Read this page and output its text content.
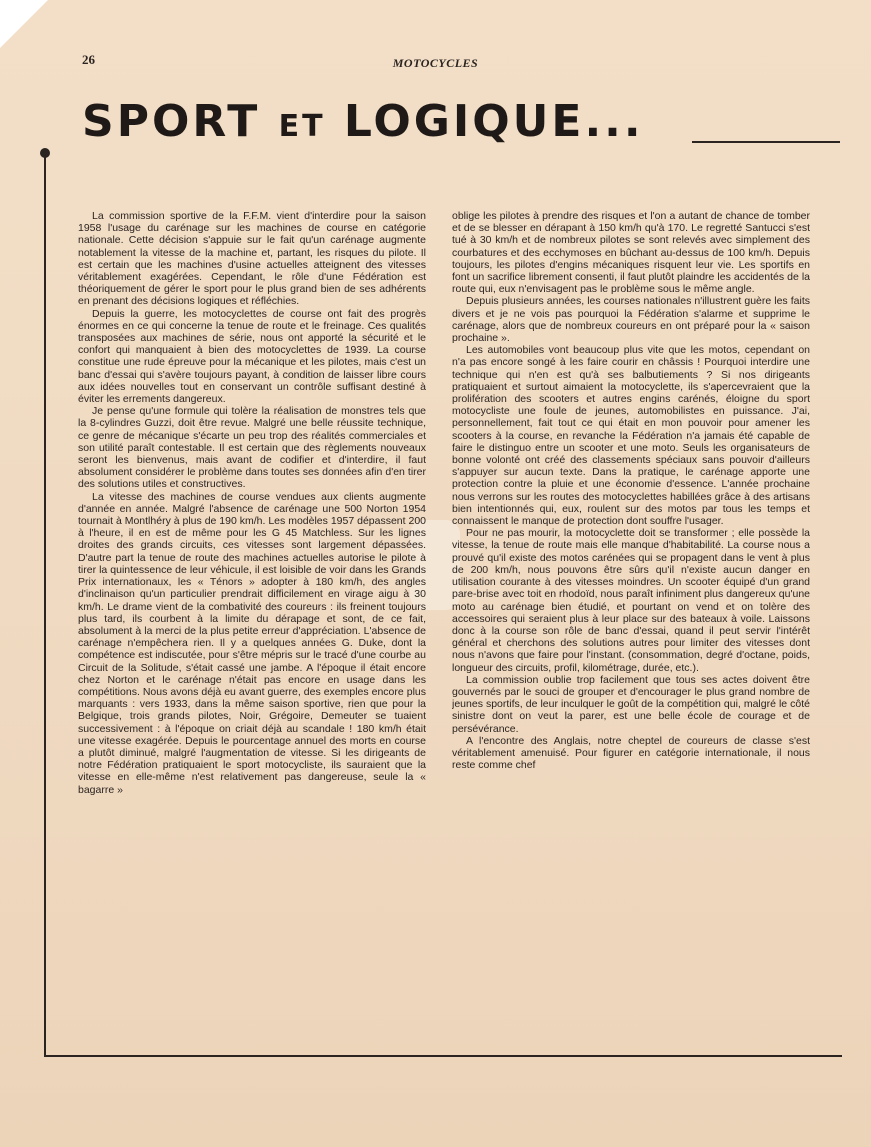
26	MOTOCYCLES
SPORT ET LOGIQUE...

La commission sportive de la F.F.M. vient d'interdire pour la saison 1958 l'usage du carénage sur les machines de course en catégorie nationale. Cette décision s'appuie sur le fait qu'un carénage augmente notablement la vitesse de la machine et, partant, les risques du pilote. Il est certain que les machines d'usine actuelles atteignent des vitesses véritablement exagérées. Cependant, le rôle d'une Fédération est théoriquement de gérer le sport pour le plus grand bien de ses adhérents en prenant des décisions logiques et réfléchies.

Depuis la guerre, les motocyclettes de course ont fait des progrès énormes en ce qui concerne la tenue de route et le freinage. Ces qualités transposées aux machines de série, nous ont apporté la sécurité et le confort qui manquaient à bien des motocyclettes de 1939. La course constitue une rude épreuve pour la mécanique et les pilotes, mais c'est un banc d'essai qui s'avère toujours payant, à condition de laisser libre cours aux idées nouvelles tout en conservant un contrôle suffisant destiné à éviter les errements dangereux.

Je pense qu'une formule qui tolère la réalisation de monstres tels que la 8-cylindres Guzzi, doit être revue. Malgré une belle réussite technique, ce genre de mécanique s'écarte un peu trop des réalités commerciales et son utilité paraît contestable. Il est certain que des règlements nouveaux seront les bienvenus, mais avant de codifier et d'interdire, il faut absolument considérer le problème dans toutes ses données afin d'en tirer des solutions utiles et constructives.

La vitesse des machines de course vendues aux clients augmente d'année en année. Malgré l'absence de carénage une 500 Norton 1954 tournait à Montlhéry à plus de 190 km/h. Les modèles 1957 dépassent 200 à l'heure, il en est de même pour les G 45 Matchless. Sur les lignes droites des grands circuits, ces vitesses sont largement dépassées. D'autre part la tenue de route des machines actuelles autorise le pilote à tirer la quintessence de leur véhicule, il est loisible de voir dans les Grands Prix internationaux, les « Ténors » adopter à 180 km/h, des angles d'inclinaison qu'un particulier prendrait difficilement en virage aigu à 30 km/h. Le drame vient de la combativité des coureurs : ils freinent toujours plus tard, ils courbent à la limite du dérapage et sont, de ce fait, absolument à la merci de la plus petite erreur d'appréciation. L'absence de carénage n'empêchera rien. Il y a quelques années G. Duke, dont la compétence est indiscutée, pour s'être mépris sur le tracé d'une courbe au Circuit de la Solitude, s'était cassé une jambe. A l'époque il était encore chez Norton et le carénage n'était pas encore en usage dans les compétitions. Nous avons déjà eu avant guerre, des exemples encore plus marquants : vers 1933, dans la même saison sportive, rien que pour la Belgique, trois grands pilotes, Noir, Grégoire, Demeuter se tuaient successivement : à l'époque on criait déjà au scandale ! 180 km/h était une vitesse exagérée. Depuis le pourcentage annuel des morts en course a plutôt diminué, malgré l'augmentation de vitesse. Si les dirigeants de notre Fédération pratiquaient le sport motocycliste, ils sauraient que la vitesse en elle-même n'est relativement pas dangereuse, seule la « bagarre »

oblige les pilotes à prendre des risques et l'on a autant de chance de tomber et de se blesser en dérapant à 150 km/h qu'à 170. Le regretté Santucci s'est tué à 30 km/h et de nombreux pilotes se sont relevés avec simplement des courbatures et des ecchymoses en bûchant au-dessus de 100 km/h. Depuis toujours, les pilotes d'engins mécaniques risquent leur vie. Les sportifs en font un sacrifice librement consenti, il faut plutôt plaindre les accidentés de la route qui, eux n'envisagent pas le problème sous le même angle.

Depuis plusieurs années, les courses nationales n'illustrent guère les faits divers et je ne vois pas pourquoi la Fédération s'alarme et supprime le carénage, alors que de nombreux coureurs en ont préparé pour la « saison prochaine ».

Les automobiles vont beaucoup plus vite que les motos, cependant on n'a pas encore songé à les faire courir en châssis ! Pourquoi interdire une technique qui n'en est qu'à ses balbutiements ? Si nos dirigeants pratiquaient et surtout aimaient la motocyclette, ils s'apercevraient que la prolifération des scooters et autres engins carénés, éloigne du sport motocycliste une foule de jeunes, automobilistes en puissance. J'ai, personnellement, fait tout ce qui était en mon pouvoir pour amener les scooters à la course, en revanche la Fédération n'a jamais été capable de faire le distinguo entre un scooter et une moto. Seuls les organisateurs de bonne volonté ont créé des classements spéciaux sans pouvoir d'ailleurs s'appuyer sur aucun texte. Dans la pratique, le carénage apporte une protection contre la pluie et une économie d'essence. L'année prochaine nous verrons sur les routes des motocyclettes habillées grâce à des artisans bien intentionnés qui, eux, roulent sur des motos par tous les temps et connaissent le manque de protection dont souffre l'usager.

Pour ne pas mourir, la motocyclette doit se transformer ; elle possède la vitesse, la tenue de route mais elle manque d'habitabilité. La course nous a prouvé qu'il existe des motos carénées qui se propagent dans le vent à plus de 200 km/h, nous pouvons être sûrs qu'il n'existe aucun danger en utilisation courante à des vitesses moindres. Un scooter équipé d'un grand pare-brise avec toit en rhodoïd, nous paraît infiniment plus dangereux qu'une moto au carénage bien étudié, et pourtant on vend et on tolère des accessoires qui seraient plus à leur place sur des bateaux à voile. Laissons donc à la course son rôle de banc d'essai, quand il peut servir l'intérêt général et cherchons des solutions autres pour limiter des vitesses dont nous n'avons que faire pour l'instant. (consommation, degré d'octane, poids, longueur des circuits, profil, kilométrage, durée, etc.).

La commission oublie trop facilement que tous ses actes doivent être gouvernés par le souci de grouper et d'encourager le plus grand nombre de jeunes sportifs, de leur inculquer le goût de la compétition qui, malgré le côté sinistre dont on veut la parer, est une belle école de courage et de persévérance.

A l'encontre des Anglais, notre cheptel de coureurs de classe s'est véritablement amenuisé. Pour figurer en catégorie internationale, il nous reste comme chef
